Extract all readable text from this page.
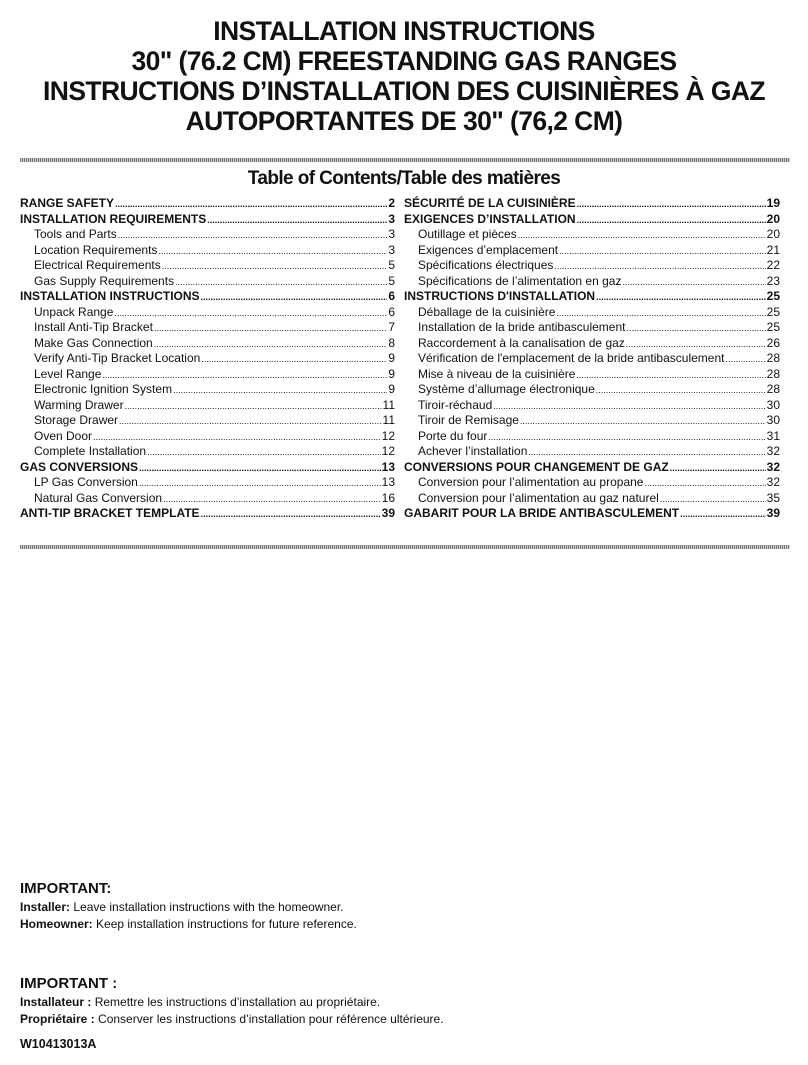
INSTALLATION INSTRUCTIONS
30" (76.2 CM) FREESTANDING GAS RANGES
INSTRUCTIONS D’INSTALLATION DES CUISINIÈRES À GAZ
AUTOPORTANTES DE 30" (76,2 CM)
Table of Contents/Table des matières
RANGE SAFETY .....	2
INSTALLATION REQUIREMENTS .....	3
Tools and Parts .....	3
Location Requirements .....	3
Electrical Requirements .....	5
Gas Supply Requirements .....	5
INSTALLATION INSTRUCTIONS .....	6
Unpack Range .....	6
Install Anti-Tip Bracket .....	7
Make Gas Connection .....	8
Verify Anti-Tip Bracket Location .....	9
Level Range .....	9
Electronic Ignition System .....	9
Warming Drawer .....	11
Storage Drawer .....	11
Oven Door .....	12
Complete Installation .....	12
GAS CONVERSIONS .....	13
LP Gas Conversion .....	13
Natural Gas Conversion .....	16
ANTI-TIP BRACKET TEMPLATE .....	39
SÉCURITÉ DE LA CUISINIÈRE .....	19
EXIGENCES D’INSTALLATION .....	20
Outillage et pièces .....	20
Exigences d’emplacement .....	21
Spécifications électriques .....	22
Spécifications de l’alimentation en gaz .....	23
INSTRUCTIONS D'INSTALLATION .....	25
Déballage de la cuisinière .....	25
Installation de la bride antibasculement .....	25
Raccordement à la canalisation de gaz .....	26
Vérification de l'emplacement de la bride antibasculement .....	28
Mise à niveau de la cuisinière .....	28
Système d’allumage électronique .....	28
Tiroir-réchaud .....	30
Tiroir de Remisage .....	30
Porte du four .....	31
Achever l’installation .....	32
CONVERSIONS POUR CHANGEMENT DE GAZ .....	32
Conversion pour l’alimentation au propane .....	32
Conversion pour l’alimentation au gaz naturel .....	35
GABARIT POUR LA BRIDE ANTIBASCULEMENT .....	39
IMPORTANT:
Installer: Leave installation instructions with the homeowner.
Homeowner: Keep installation instructions for future reference.
IMPORTANT :
Installateur : Remettre les instructions d’installation au propriétaire.
Propriétaire : Conserver les instructions d’installation pour référence ultérieure.
W10413013A
